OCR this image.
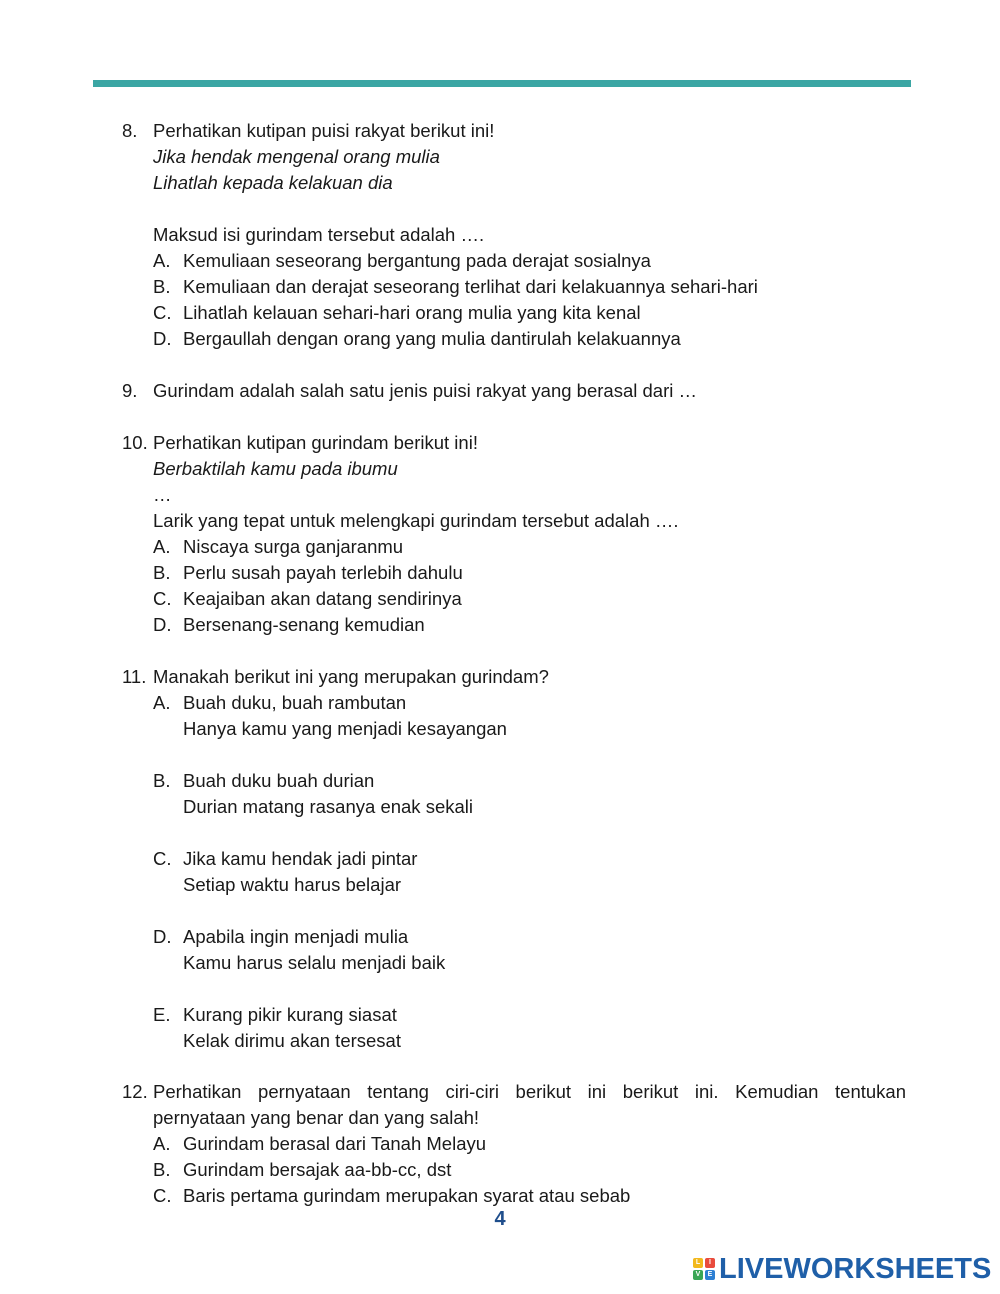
8. Perhatikan kutipan puisi rakyat berikut ini!
Jika hendak mengenal orang mulia
Lihatlah kepada kelakuan dia
Maksud isi gurindam tersebut adalah ….
A. Kemuliaan seseorang bergantung pada derajat sosialnya
B. Kemuliaan dan derajat seseorang terlihat dari kelakuannya sehari-hari
C. Lihatlah kelauan sehari-hari orang mulia yang kita kenal
D. Bergaullah dengan orang yang mulia dantirulah kelakuannya
9. Gurindam adalah salah satu jenis puisi rakyat yang berasal dari …
10. Perhatikan kutipan gurindam berikut ini!
Berbaktilah kamu pada ibumu
…
Larik yang tepat untuk melengkapi gurindam tersebut adalah ….
A. Niscaya surga ganjaranmu
B. Perlu susah payah terlebih dahulu
C. Keajaiban akan datang sendirinya
D. Bersenang-senang kemudian
11. Manakah berikut ini yang merupakan gurindam?
A. Buah duku, buah rambutan
Hanya kamu yang menjadi kesayangan
B. Buah duku buah durian
Durian matang rasanya enak sekali
C. Jika kamu hendak jadi pintar
Setiap waktu harus belajar
D. Apabila ingin menjadi mulia
Kamu harus selalu menjadi baik
E. Kurang pikir kurang siasat
Kelak dirimu akan tersesat
12. Perhatikan pernyataan tentang ciri-ciri berikut ini berikut ini. Kemudian tentukan
pernyataan yang benar dan yang salah!
A. Gurindam berasal dari Tanah Melayu
B. Gurindam bersajak aa-bb-cc, dst
C. Baris pertama gurindam merupakan syarat atau sebab
4
L	I
V	E LIVEWORKSHEETS
